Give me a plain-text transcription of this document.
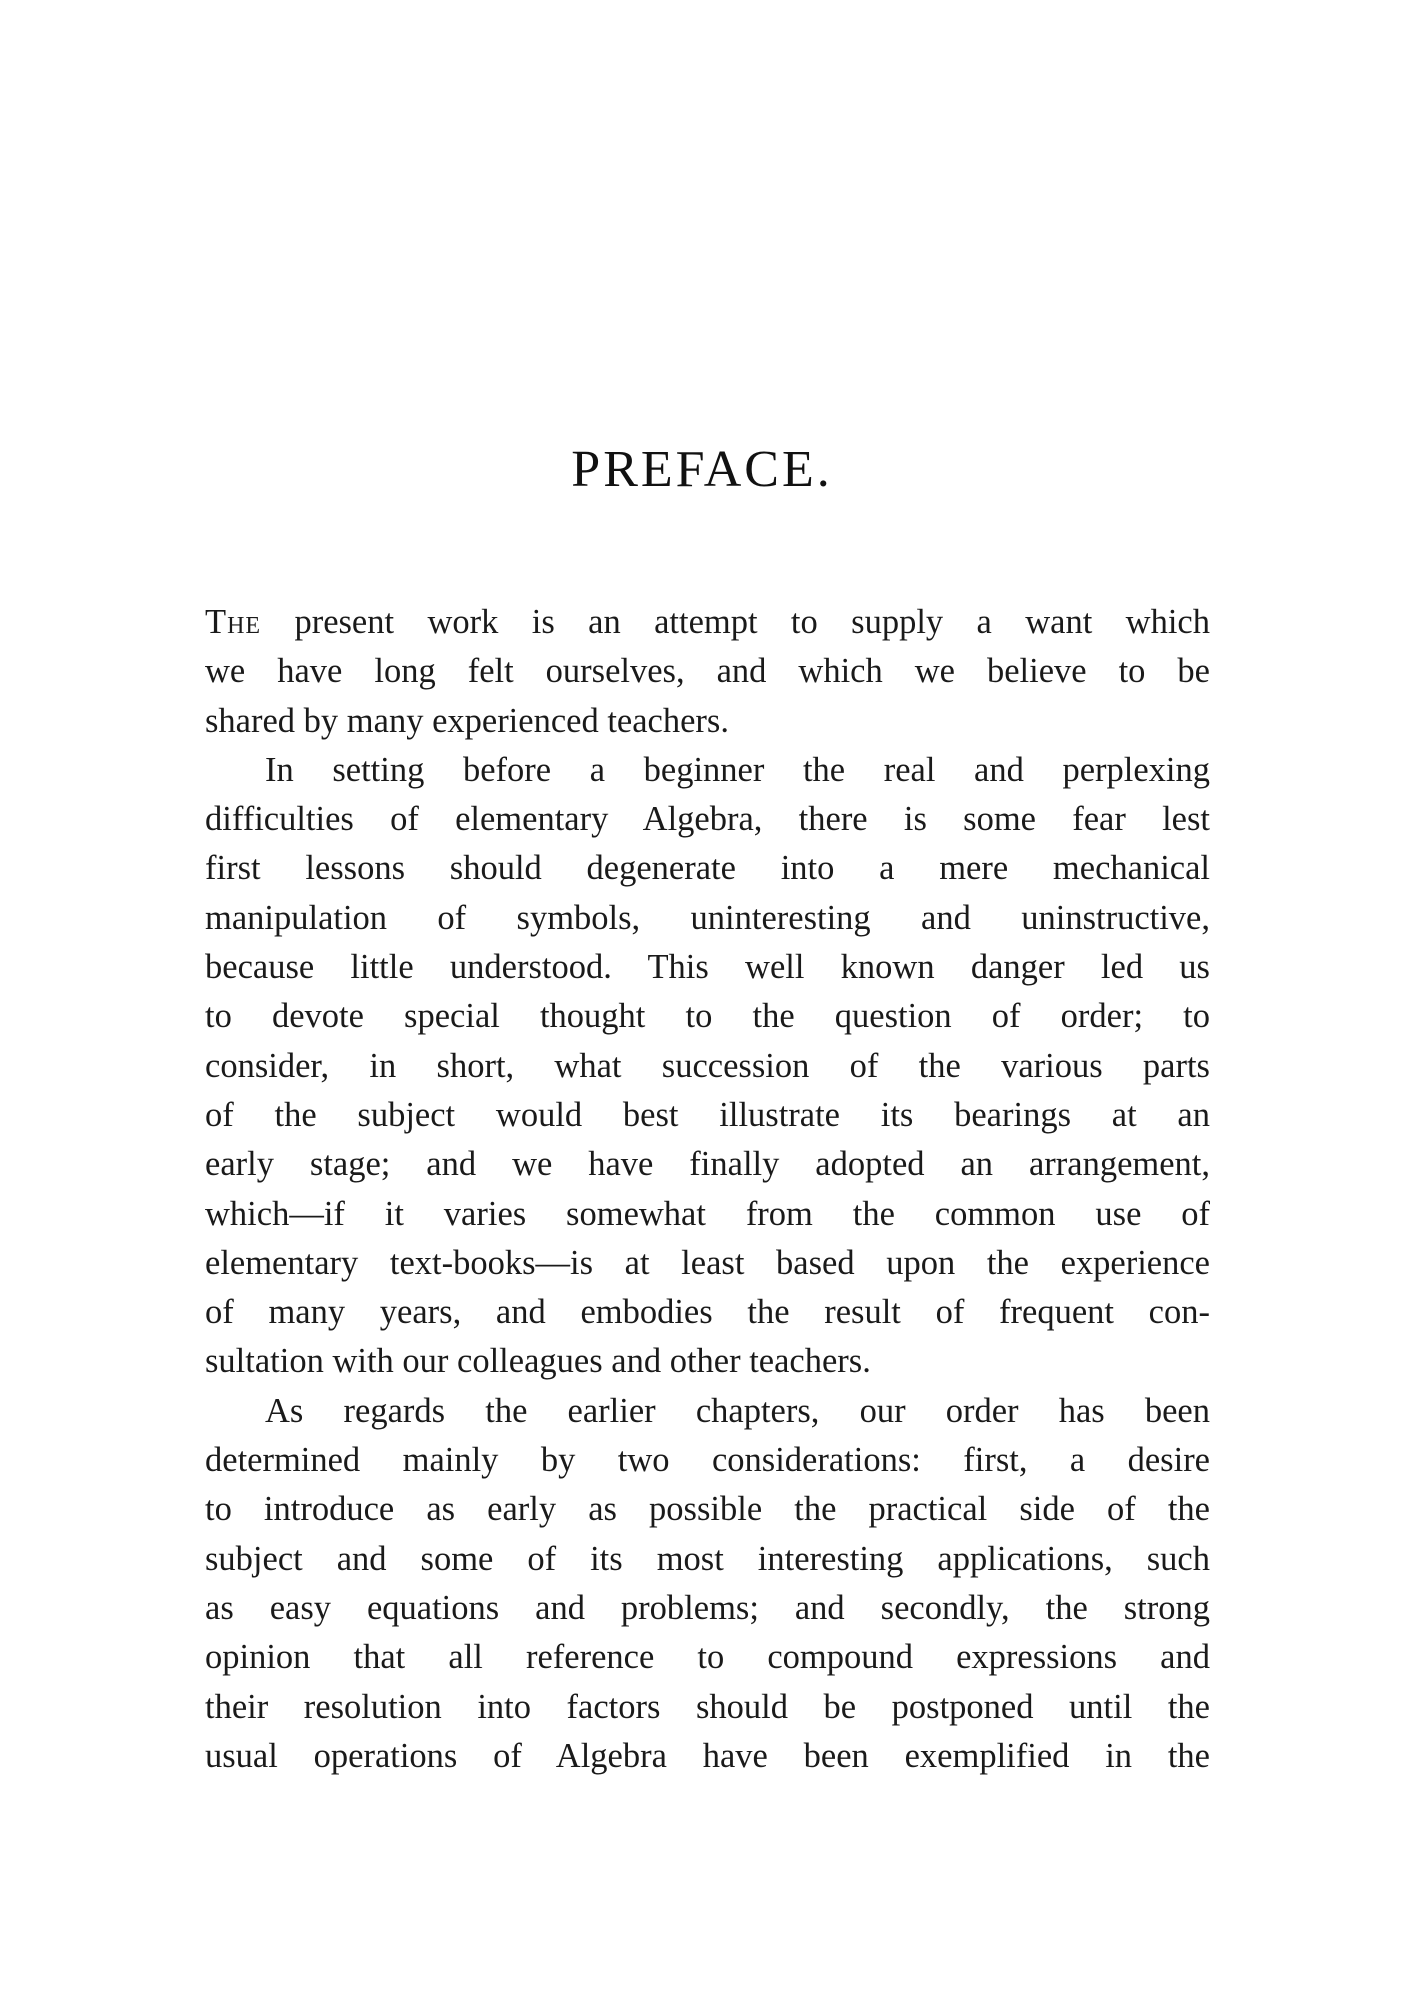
PREFACE.
The present work is an attempt to supply a want which
we have long felt ourselves, and which we believe to be
shared by many experienced teachers.
In setting before a beginner the real and perplexing
difficulties of elementary Algebra, there is some fear lest
first lessons should degenerate into a mere mechanical
manipulation of symbols, uninteresting and uninstructive,
because little understood. This well known danger led us
to devote special thought to the question of order; to
consider, in short, what succession of the various parts
of the subject would best illustrate its bearings at an
early stage; and we have finally adopted an arrangement,
which—if it varies somewhat from the common use of
elementary text-books—is at least based upon the experience
of many years, and embodies the result of frequent con-
sultation with our colleagues and other teachers.
As regards the earlier chapters, our order has been
determined mainly by two considerations: first, a desire
to introduce as early as possible the practical side of the
subject and some of its most interesting applications, such
as easy equations and problems; and secondly, the strong
opinion that all reference to compound expressions and
their resolution into factors should be postponed until the
usual operations of Algebra have been exemplified in the
